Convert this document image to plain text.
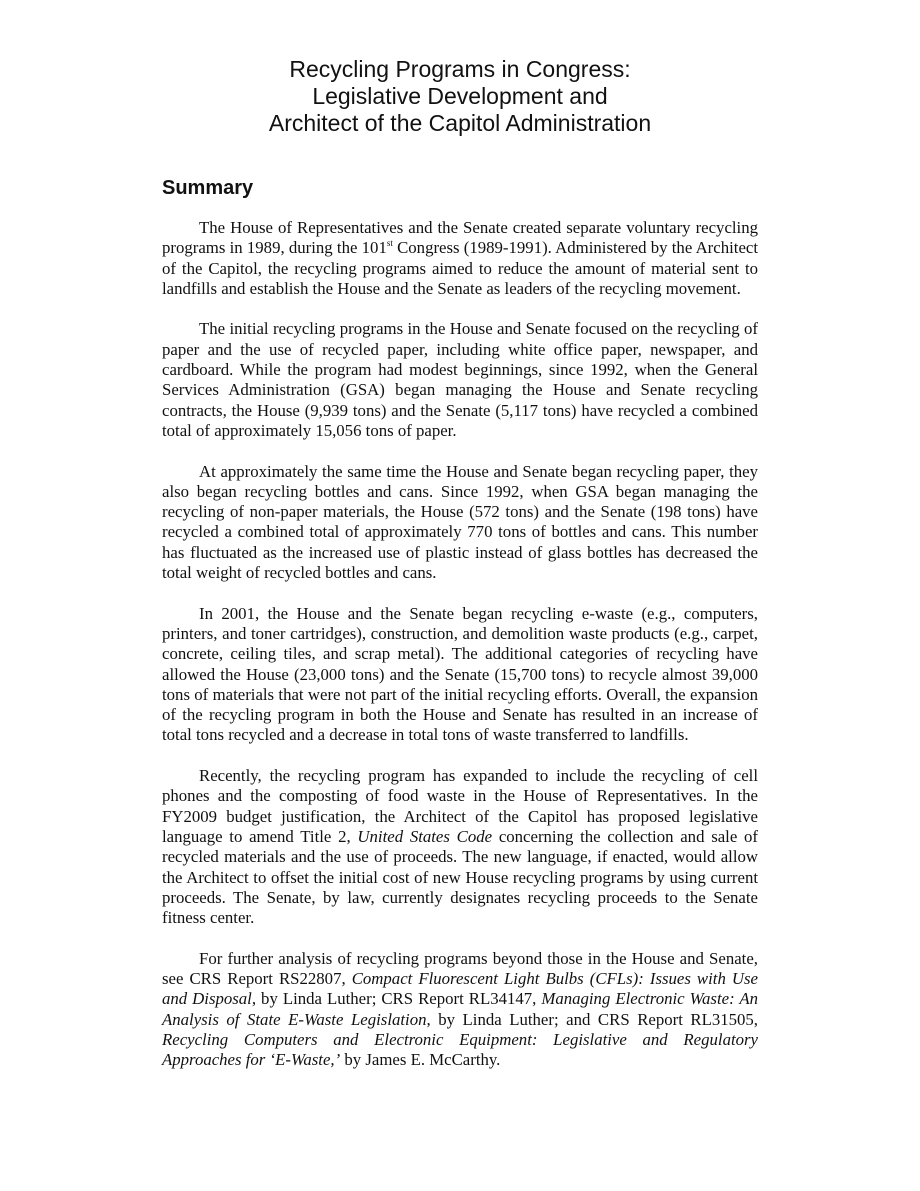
Recycling Programs in Congress:
Legislative Development and
Architect of the Capitol Administration
Summary

The House of Representatives and the Senate created separate voluntary recycling programs in 1989, during the 101st Congress (1989-1991). Administered by the Architect of the Capitol, the recycling programs aimed to reduce the amount of material sent to landfills and establish the House and the Senate as leaders of the recycling movement.

The initial recycling programs in the House and Senate focused on the recycling of paper and the use of recycled paper, including white office paper, newspaper, and cardboard. While the program had modest beginnings, since 1992, when the General Services Administration (GSA) began managing the House and Senate recycling contracts, the House (9,939 tons) and the Senate (5,117 tons) have recycled a combined total of approximately 15,056 tons of paper.

At approximately the same time the House and Senate began recycling paper, they also began recycling bottles and cans. Since 1992, when GSA began managing the recycling of non-paper materials, the House (572 tons) and the Senate (198 tons) have recycled a combined total of approximately 770 tons of bottles and cans. This number has fluctuated as the increased use of plastic instead of glass bottles has decreased the total weight of recycled bottles and cans.

In 2001, the House and the Senate began recycling e-waste (e.g., computers, printers, and toner cartridges), construction, and demolition waste products (e.g., carpet, concrete, ceiling tiles, and scrap metal). The additional categories of recycling have allowed the House (23,000 tons) and the Senate (15,700 tons) to recycle almost 39,000 tons of materials that were not part of the initial recycling efforts. Overall, the expansion of the recycling program in both the House and Senate has resulted in an increase of total tons recycled and a decrease in total tons of waste transferred to landfills.

Recently, the recycling program has expanded to include the recycling of cell phones and the composting of food waste in the House of Representatives. In the FY2009 budget justification, the Architect of the Capitol has proposed legislative language to amend Title 2, United States Code concerning the collection and sale of recycled materials and the use of proceeds. The new language, if enacted, would allow the Architect to offset the initial cost of new House recycling programs by using current proceeds. The Senate, by law, currently designates recycling proceeds to the Senate fitness center.

For further analysis of recycling programs beyond those in the House and Senate, see CRS Report RS22807, Compact Fluorescent Light Bulbs (CFLs): Issues with Use and Disposal, by Linda Luther; CRS Report RL34147, Managing Electronic Waste: An Analysis of State E-Waste Legislation, by Linda Luther; and CRS Report RL31505, Recycling Computers and Electronic Equipment: Legislative and Regulatory Approaches for ‘E-Waste,’ by James E. McCarthy.
